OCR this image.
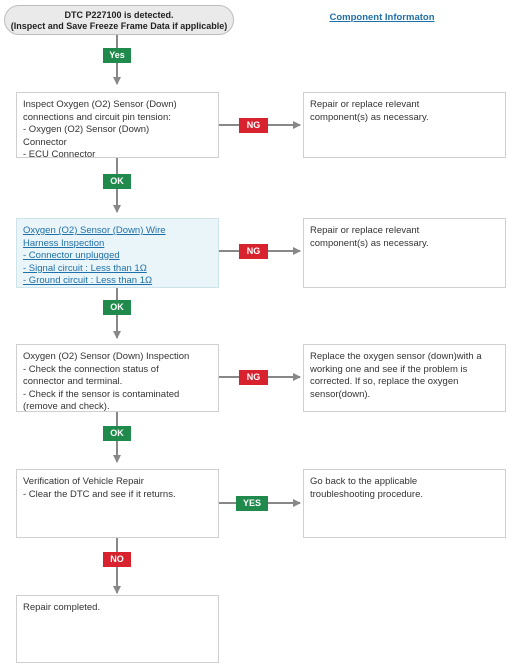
DTC P227100 is detected.
(Inspect and Save Freeze Frame Data if applicable)
Component Informaton
Yes
OK
OK
OK
NO
NG
NG
NG
YES
Inspect Oxygen (O2) Sensor (Down)
connections and circuit pin tension:
- Oxygen (O2) Sensor (Down)
Connector
- ECU Connector
Oxygen (O2) Sensor (Down) Wire
Harness Inspection
- Connector unplugged
- Signal circuit : Less than 1Ω
- Ground circuit : Less than 1Ω
Oxygen (O2) Sensor (Down) Inspection
- Check the connection status of
connector and terminal.
- Check if the sensor is contaminated
(remove and check).
Verification of Vehicle Repair
- Clear the DTC and see if it returns.
Repair completed.
Repair or replace relevant
component(s) as necessary.
Repair or replace relevant
component(s) as necessary.
Replace the oxygen sensor (down)with a
working one and see if the problem is
corrected. If so, replace the oxygen
sensor(down).
Go back to the applicable
troubleshooting procedure.
